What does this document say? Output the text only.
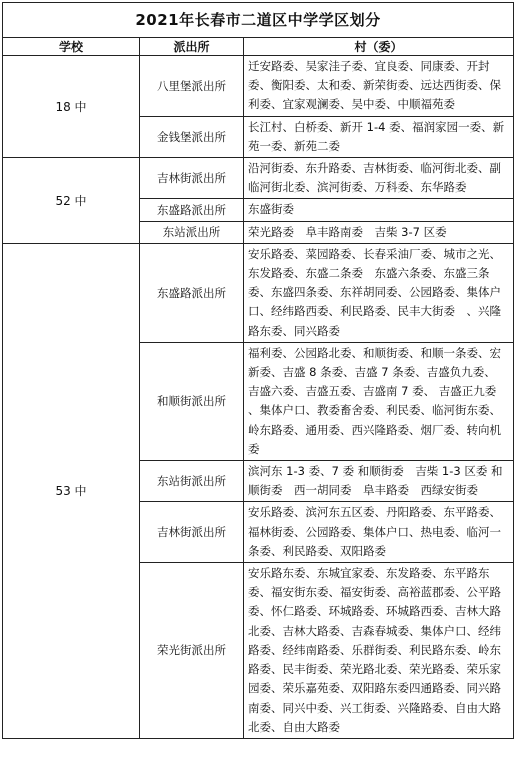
2021年长春市二道区中学学区划分
学校	派出所	村（委）
18 中	八里堡派出所	迁安路委、吴家洼子委、宜良委、同康委、开封委、衡阳委、太和委、新荣街委、远达西街委、保利委、宜家观澜委、吴中委、中顺福苑委
	金钱堡派出所	长江村、白桥委、新开 1-4 委、福润家园一委、新苑一委、新苑二委
52 中	吉林街派出所	沿河街委、东升路委、吉林街委、临河街北委、副临河街北委、滨河街委、万科委、东华路委
	东盛路派出所	东盛街委
	东站派出所	荣光路委　阜丰路南委　吉柴 3-7 区委
53 中	东盛路派出所	安乐路委、菜园路委、长春采油厂委、城市之光、东发路委、东盛二条委　东盛六条委、东盛三条委、东盛四条委、东祥胡同委、公园路委、集体户口、经纬路西委、利民路委、民丰大街委　、兴隆路东委、同兴路委
	和顺街派出所	福利委、公园路北委、和顺街委、和顺一条委、宏新委、吉盛 8 条委、吉盛 7 条委、吉盛负九委、吉盛六委、吉盛五委、吉盛南 7 委、 吉盛正九委 、集体户口、教委畜舍委、利民委、临河街东委、岭东路委、通用委、西兴隆路委、烟厂委、转向机委
	东站街派出所	滨河东 1-3 委、7 委 和顺街委　吉柴 1-3 区委 和顺街委　西一胡同委　阜丰路委　西绿安街委
	吉林街派出所	安乐路委、滨河东五区委、丹阳路委、东平路委、福林街委、公园路委、集体户口、热电委、临河一条委、利民路委、双阳路委
	荣光街派出所	安乐路东委、东城宜家委、东发路委、东平路东委、福安街东委、福安街委、高裕蓝郡委、公平路委、怀仁路委、环城路委、环城路西委、吉林大路北委、吉林大路委、吉森春城委、集体户口、经纬路委、经纬南路委、乐群街委、利民路东委、岭东路委、民丰街委、荣光路北委、荣光路委、荣乐家园委、荣乐嘉苑委、双阳路东委四通路委、同兴路南委、同兴中委、兴工街委、兴隆路委、自由大路北委、自由大路委
